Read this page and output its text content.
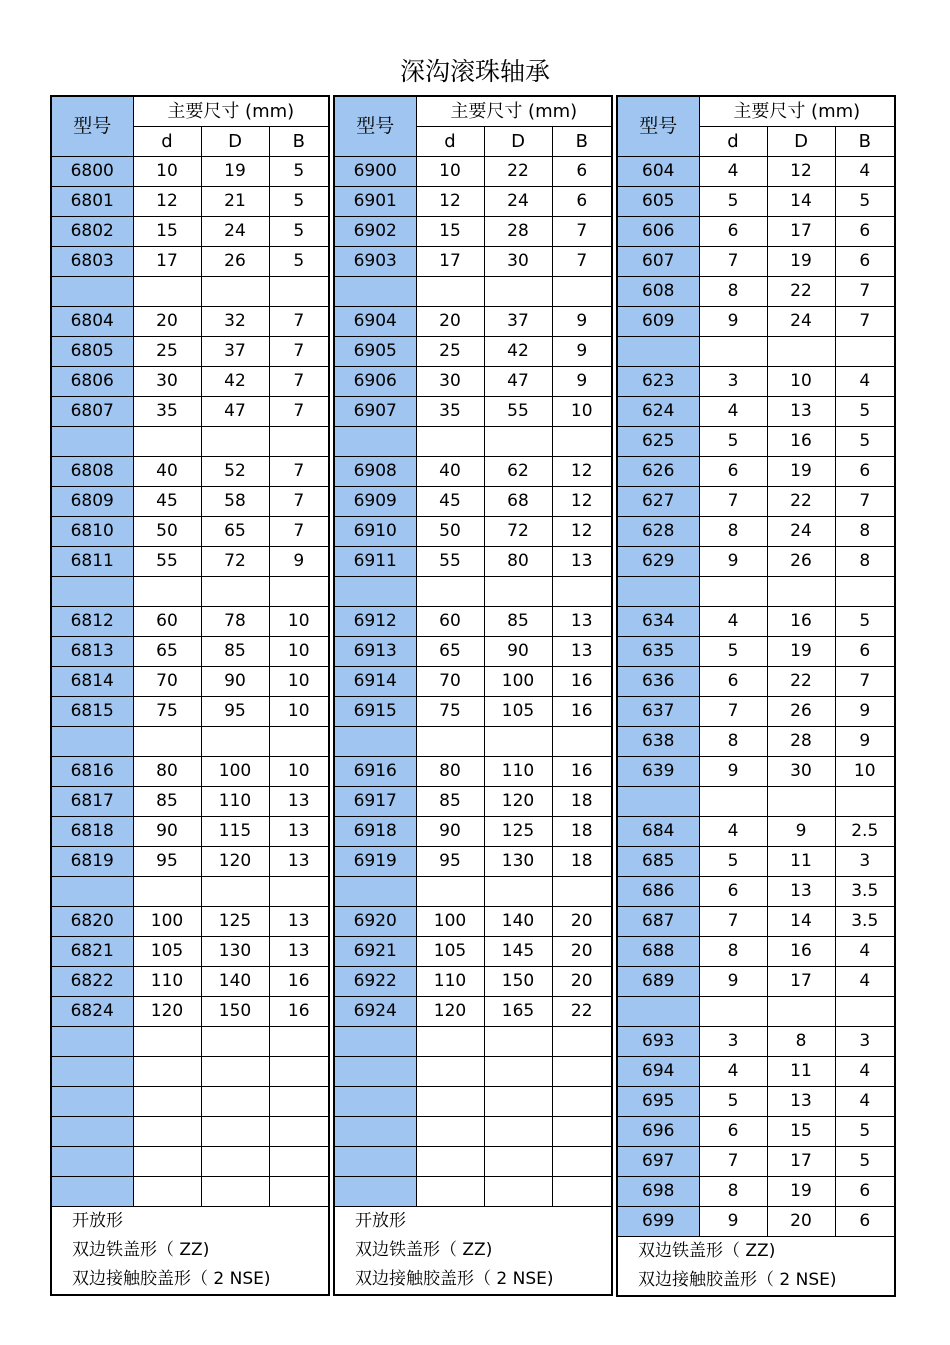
深沟滚珠轴承
型号	主要尺寸 (mm)		
	d	D	B
6800	10	19	5
6801	12	21	5
6802	15	24	5
6803	17	26	5

6804	20	32	7
6805	25	37	7
6806	30	42	7
6807	35	47	7

6808	40	52	7
6809	45	58	7
6810	50	65	7
6811	55	72	9

6812	60	78	10
6813	65	85	10
6814	70	90	10
6815	75	95	10

6816	80	100	10
6817	85	110	13
6818	90	115	13
6819	95	120	13

6820	100	125	13
6821	105	130	13
6822	110	140	16
6824	120	150	16

开放形			
双边铁盖形（ ZZ)			
双边接触胶盖形（ 2 NSE)			
型号	主要尺寸 (mm)		
	d	D	B
6900	10	22	6
6901	12	24	6
6902	15	28	7
6903	17	30	7

6904	20	37	9
6905	25	42	9
6906	30	47	9
6907	35	55	10

6908	40	62	12
6909	45	68	12
6910	50	72	12
6911	55	80	13

6912	60	85	13
6913	65	90	13
6914	70	100	16
6915	75	105	16

6916	80	110	16
6917	85	120	18
6918	90	125	18
6919	95	130	18

6920	100	140	20
6921	105	145	20
6922	110	150	20
6924	120	165	22

开放形			
双边铁盖形（ ZZ)			
双边接触胶盖形（ 2 NSE)			
型号	主要尺寸 (mm)		
	d	D	B
604	4	12	4
605	5	14	5
606	6	17	6
607	7	19	6
608	8	22	7
609	9	24	7

623	3	10	4
624	4	13	5
625	5	16	5
626	6	19	6
627	7	22	7
628	8	24	8
629	9	26	8

634	4	16	5
635	5	19	6
636	6	22	7
637	7	26	9
638	8	28	9
639	9	30	10

684	4	9	2.5
685	5	11	3
686	6	13	3.5
687	7	14	3.5
688	8	16	4
689	9	17	4

693	3	8	3
694	4	11	4
695	5	13	4
696	6	15	5
697	7	17	5
698	8	19	6
699	9	20	6
双边铁盖形（ ZZ)			
双边接触胶盖形（ 2 NSE)			
